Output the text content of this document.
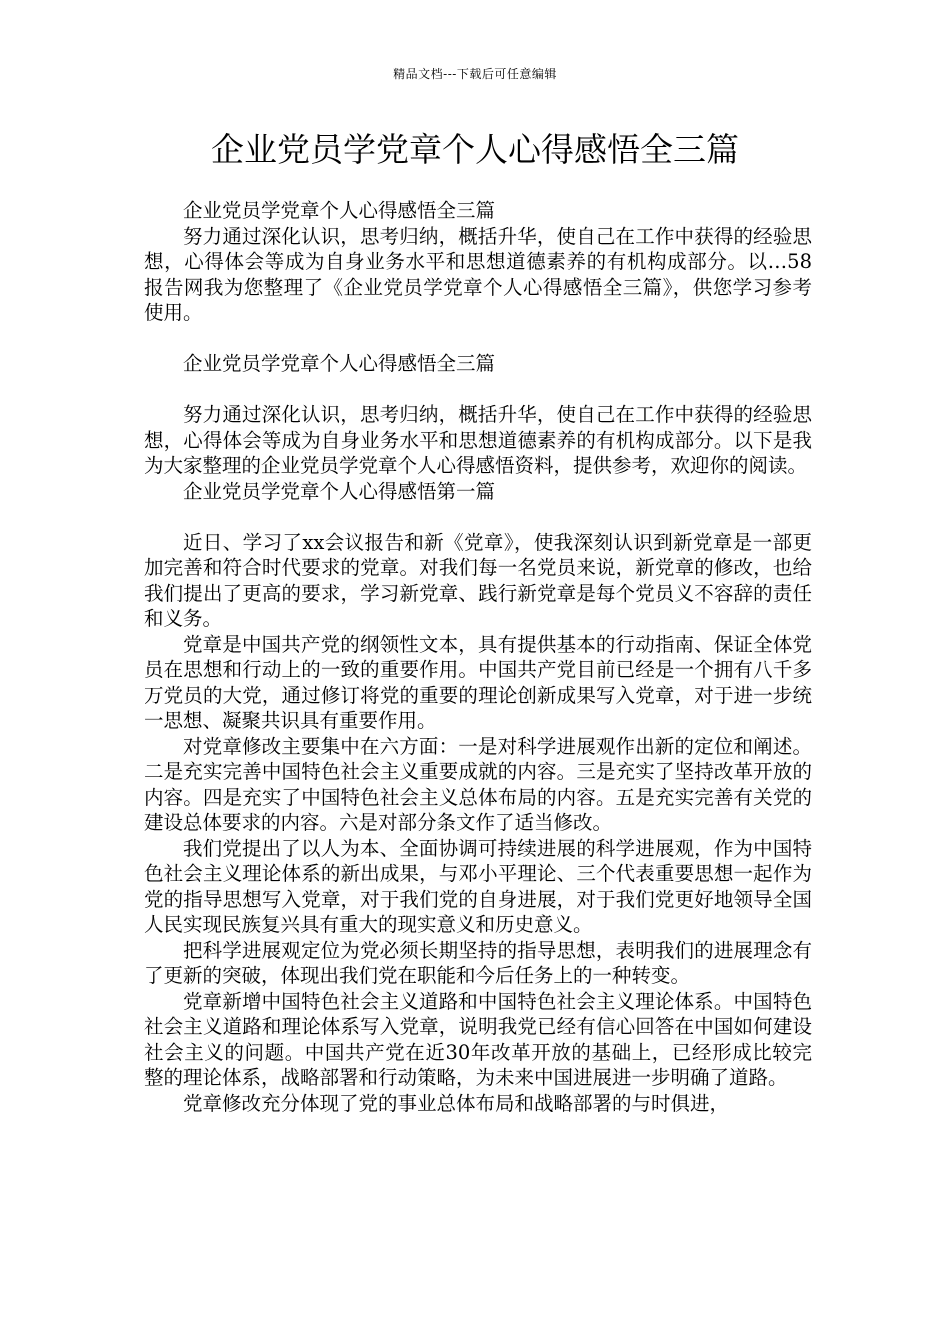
精品文档---下载后可任意编辑
企业党员学党章个人心得感悟全三篇

企业党员学党章个人心得感悟全三篇

努力通过深化认识，思考归纳，概括升华，使自己在工作中获得的经验思想，心得体会等成为自身业务水平和思想道德素养的有机构成部分。以…58报告网我为您整理了《企业党员学党章个人心得感悟全三篇》，供您学习参考使用。

企业党员学党章个人心得感悟全三篇

努力通过深化认识，思考归纳，概括升华，使自己在工作中获得的经验思想，心得体会等成为自身业务水平和思想道德素养的有机构成部分。以下是我为大家整理的企业党员学党章个人心得感悟资料，提供参考，欢迎你的阅读。

企业党员学党章个人心得感悟第一篇

近日、学习了xx会议报告和新《党章》，使我深刻认识到新党章是一部更加完善和符合时代要求的党章。对我们每一名党员来说，新党章的修改，也给我们提出了更高的要求，学习新党章、践行新党章是每个党员义不容辞的责任和义务。

党章是中国共产党的纲领性文本，具有提供基本的行动指南、保证全体党员在思想和行动上的一致的重要作用。中国共产党目前已经是一个拥有八千多万党员的大党，通过修订将党的重要的理论创新成果写入党章，对于进一步统一思想、凝聚共识具有重要作用。

对党章修改主要集中在六方面：一是对科学进展观作出新的定位和阐述。二是充实完善中国特色社会主义重要成就的内容。三是充实了坚持改革开放的内容。四是充实了中国特色社会主义总体布局的内容。五是充实完善有关党的建设总体要求的内容。六是对部分条文作了适当修改。

我们党提出了以人为本、全面协调可持续进展的科学进展观，作为中国特色社会主义理论体系的新出成果，与邓小平理论、三个代表重要思想一起作为党的指导思想写入党章，对于我们党的自身进展，对于我们党更好地领导全国人民实现民族复兴具有重大的现实意义和历史意义。

把科学进展观定位为党必须长期坚持的指导思想，表明我们的进展理念有了更新的突破，体现出我们党在职能和今后任务上的一种转变。

党章新增中国特色社会主义道路和中国特色社会主义理论体系。中国特色社会主义道路和理论体系写入党章，说明我党已经有信心回答在中国如何建设社会主义的问题。中国共产党在近30年改革开放的基础上，已经形成比较完整的理论体系，战略部署和行动策略，为未来中国进展进一步明确了道路。

党章修改充分体现了党的事业总体布局和战略部署的与时俱进，
